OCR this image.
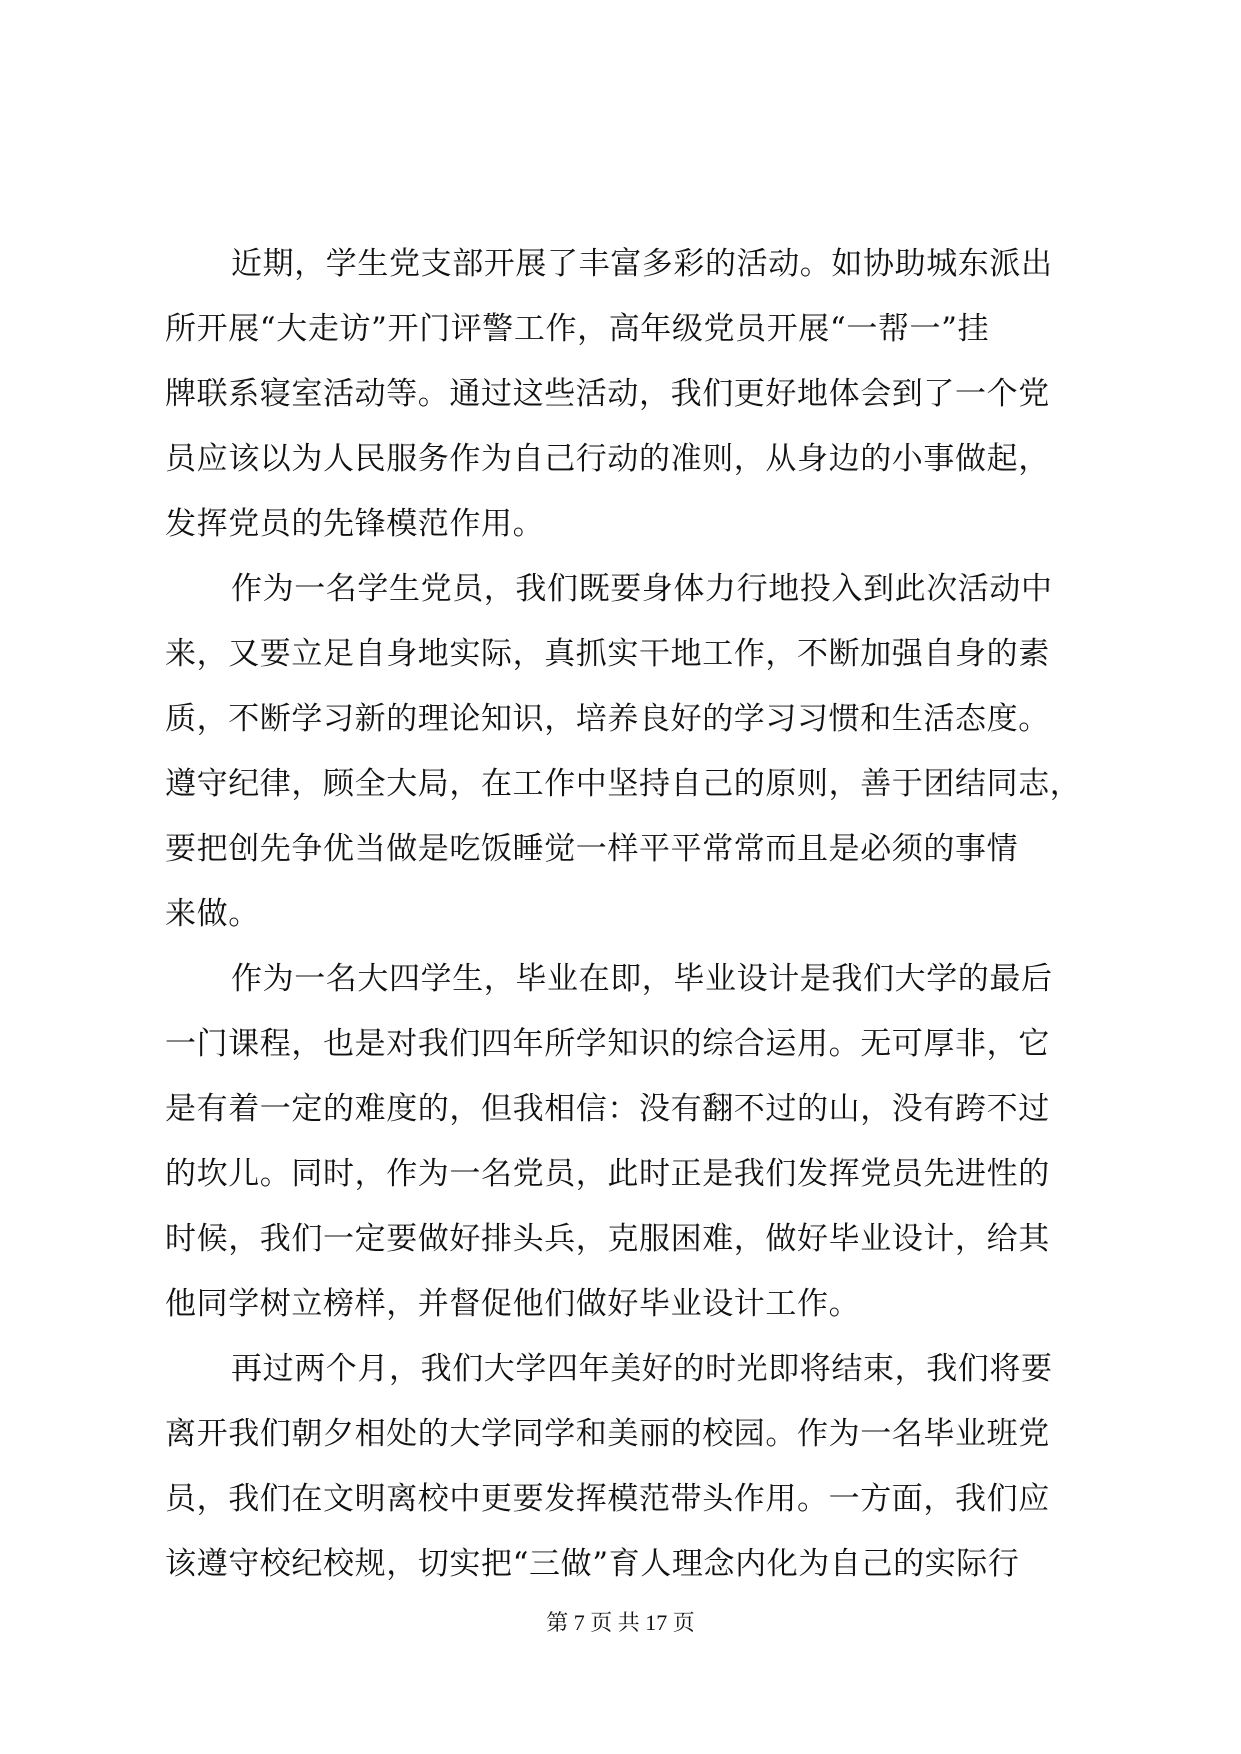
近期，学生党支部开展了丰富多彩的活动。如协助城东派出
所开展“大走访”开门评警工作，高年级党员开展“一帮一”挂
牌联系寝室活动等。通过这些活动，我们更好地体会到了一个党
员应该以为人民服务作为自己行动的准则，从身边的小事做起，
发挥党员的先锋模范作用。
作为一名学生党员，我们既要身体力行地投入到此次活动中
来，又要立足自身地实际，真抓实干地工作，不断加强自身的素
质，不断学习新的理论知识，培养良好的学习习惯和生活态度。
遵守纪律，顾全大局，在工作中坚持自己的原则，善于团结同志，
要把创先争优当做是吃饭睡觉一样平平常常而且是必须的事情
来做。
作为一名大四学生，毕业在即，毕业设计是我们大学的最后
一门课程，也是对我们四年所学知识的综合运用。无可厚非，它
是有着一定的难度的，但我相信：没有翻不过的山，没有跨不过
的坎儿。同时，作为一名党员，此时正是我们发挥党员先进性的
时候，我们一定要做好排头兵，克服困难，做好毕业设计，给其
他同学树立榜样，并督促他们做好毕业设计工作。
再过两个月，我们大学四年美好的时光即将结束，我们将要
离开我们朝夕相处的大学同学和美丽的校园。作为一名毕业班党
员，我们在文明离校中更要发挥模范带头作用。一方面，我们应
该遵守校纪校规，切实把“三做”育人理念内化为自己的实际行
第 7 页 共 17 页
